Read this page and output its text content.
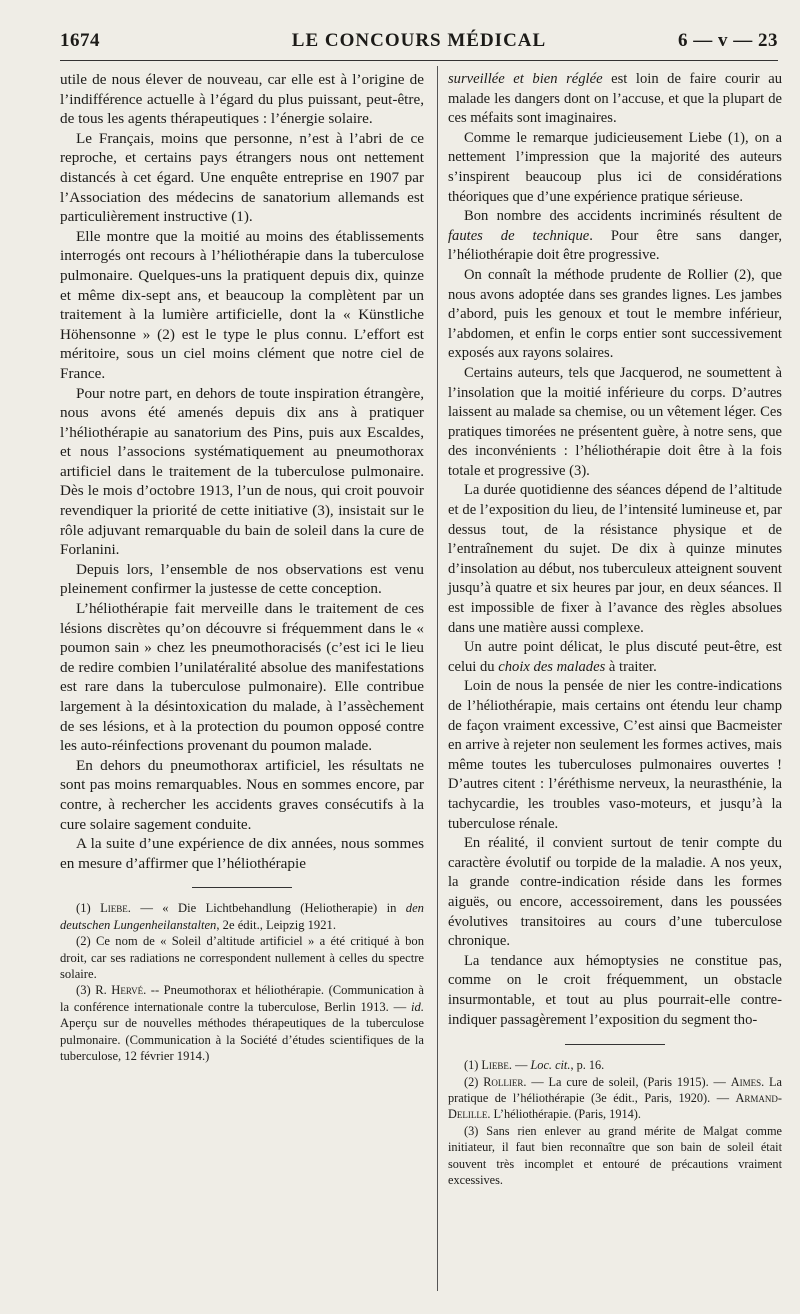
1674	LE CONCOURS MÉDICAL	6 — v — 23

utile de nous élever de nouveau, car elle est à l’origine de l’indifférence actuelle à l’égard du plus puissant, peut-être, de tous les agents thérapeutiques : l’énergie solaire.

Le Français, moins que personne, n’est à l’abri de ce reproche, et certains pays étrangers nous ont nettement distancés à cet égard. Une enquête entreprise en 1907 par l’Association des médecins de sanatorium allemands est particulièrement instructive (1).

Elle montre que la moitié au moins des établissements interrogés ont recours à l’héliothérapie dans la tuberculose pulmonaire. Quelques-uns la pratiquent depuis dix, quinze et même dix-sept ans, et beaucoup la complètent par un traitement à la lumière artificielle, dont la « Künstliche Höhensonne » (2) est le type le plus connu. L’effort est méritoire, sous un ciel moins clément que notre ciel de France.

Pour notre part, en dehors de toute inspiration étrangère, nous avons été amenés depuis dix ans à pratiquer l’héliothérapie au sanatorium des Pins, puis aux Escaldes, et nous l’associons systématiquement au pneumothorax artificiel dans le traitement de la tuberculose pulmonaire. Dès le mois d’octobre 1913, l’un de nous, qui croit pouvoir revendiquer la priorité de cette initiative (3), insistait sur le rôle adjuvant remarquable du bain de soleil dans la cure de Forlanini.

Depuis lors, l’ensemble de nos observations est venu pleinement confirmer la justesse de cette conception.

L’héliothérapie fait merveille dans le traitement de ces lésions discrètes qu’on découvre si fréquemment dans le « poumon sain » chez les pneumothoracisés (c’est ici le lieu de redire combien l’unilatéralité absolue des manifestations est rare dans la tuberculose pulmonaire). Elle contribue largement à la désintoxication du malade, à l’assèchement de ses lésions, et à la protection du poumon opposé contre les auto-réinfections provenant du poumon malade.

En dehors du pneumothorax artificiel, les résultats ne sont pas moins remarquables. Nous en sommes encore, par contre, à rechercher les accidents graves consécutifs à la cure solaire sagement conduite.

A la suite d’une expérience de dix années, nous sommes en mesure d’affirmer que l’héliothérapie

(1) Liebe. — « Die Lichtbehandlung (Heliotherapie) in den deutschen Lungenheilanstalten, 2e édit., Leipzig 1921.

(2) Ce nom de « Soleil d’altitude artificiel » a été critiqué à bon droit, car ses radiations ne correspondent nullement à celles du spectre solaire.

(3) R. Hervé. -- Pneumothorax et héliothérapie. (Communication à la conférence internationale contre la tuberculose, Berlin 1913. — id. Aperçu sur de nouvelles méthodes thérapeutiques de la tuberculose pulmonaire. (Communication à la Société d’études scientifiques de la tuberculose, 12 février 1914.)

surveillée et bien réglée est loin de faire courir au malade les dangers dont on l’accuse, et que la plupart de ces méfaits sont imaginaires.

Comme le remarque judicieusement Liebe (1), on a nettement l’impression que la majorité des auteurs s’inspirent beaucoup plus ici de considérations théoriques que d’une expérience pratique sérieuse.

Bon nombre des accidents incriminés résultent de fautes de technique. Pour être sans danger, l’héliothérapie doit être progressive.

On connaît la méthode prudente de Rollier (2), que nous avons adoptée dans ses grandes lignes. Les jambes d’abord, puis les genoux et tout le membre inférieur, l’abdomen, et enfin le corps entier sont successivement exposés aux rayons solaires.

Certains auteurs, tels que Jacquerod, ne soumettent à l’insolation que la moitié inférieure du corps. D’autres laissent au malade sa chemise, ou un vêtement léger. Ces pratiques timorées ne présentent guère, à notre sens, que des inconvénients : l’héliothérapie doit être à la fois totale et progressive (3).

La durée quotidienne des séances dépend de l’altitude et de l’exposition du lieu, de l’intensité lumineuse et, par dessus tout, de la résistance physique et de l’entraînement du sujet. De dix à quinze minutes d’insolation au début, nos tuberculeux atteignent souvent jusqu’à quatre et six heures par jour, en deux séances. Il est impossible de fixer à l’avance des règles absolues dans une matière aussi complexe.

Un autre point délicat, le plus discuté peut-être, est celui du choix des malades à traiter.

Loin de nous la pensée de nier les contre-indications de l’héliothérapie, mais certains ont étendu leur champ de façon vraiment excessive, C’est ainsi que Bacmeister en arrive à rejeter non seulement les formes actives, mais même toutes les tuberculoses pulmonaires ouvertes ! D’autres citent : l’éréthisme nerveux, la neurasthénie, la tachycardie, les troubles vaso-moteurs, et jusqu’à la tuberculose rénale.

En réalité, il convient surtout de tenir compte du caractère évolutif ou torpide de la maladie. A nos yeux, la grande contre-indication réside dans les formes aiguës, ou encore, accessoirement, dans les poussées évolutives transitoires au cours d’une tuberculose chronique.

La tendance aux hémoptysies ne constitue pas, comme on le croit fréquemment, un obstacle insurmontable, et tout au plus pourrait-elle contre-indiquer passagèrement l’exposition du segment tho-

(1) Liebe. — Loc. cit., p. 16.

(2) Rollier. — La cure de soleil, (Paris 1915). — Aimes. La pratique de l’héliothérapie (3e édit., Paris, 1920). — Armand-Delille. L’héliothérapie. (Paris, 1914).

(3) Sans rien enlever au grand mérite de Malgat comme initiateur, il faut bien reconnaître que son bain de soleil était souvent très incomplet et entouré de précautions vraiment excessives.
